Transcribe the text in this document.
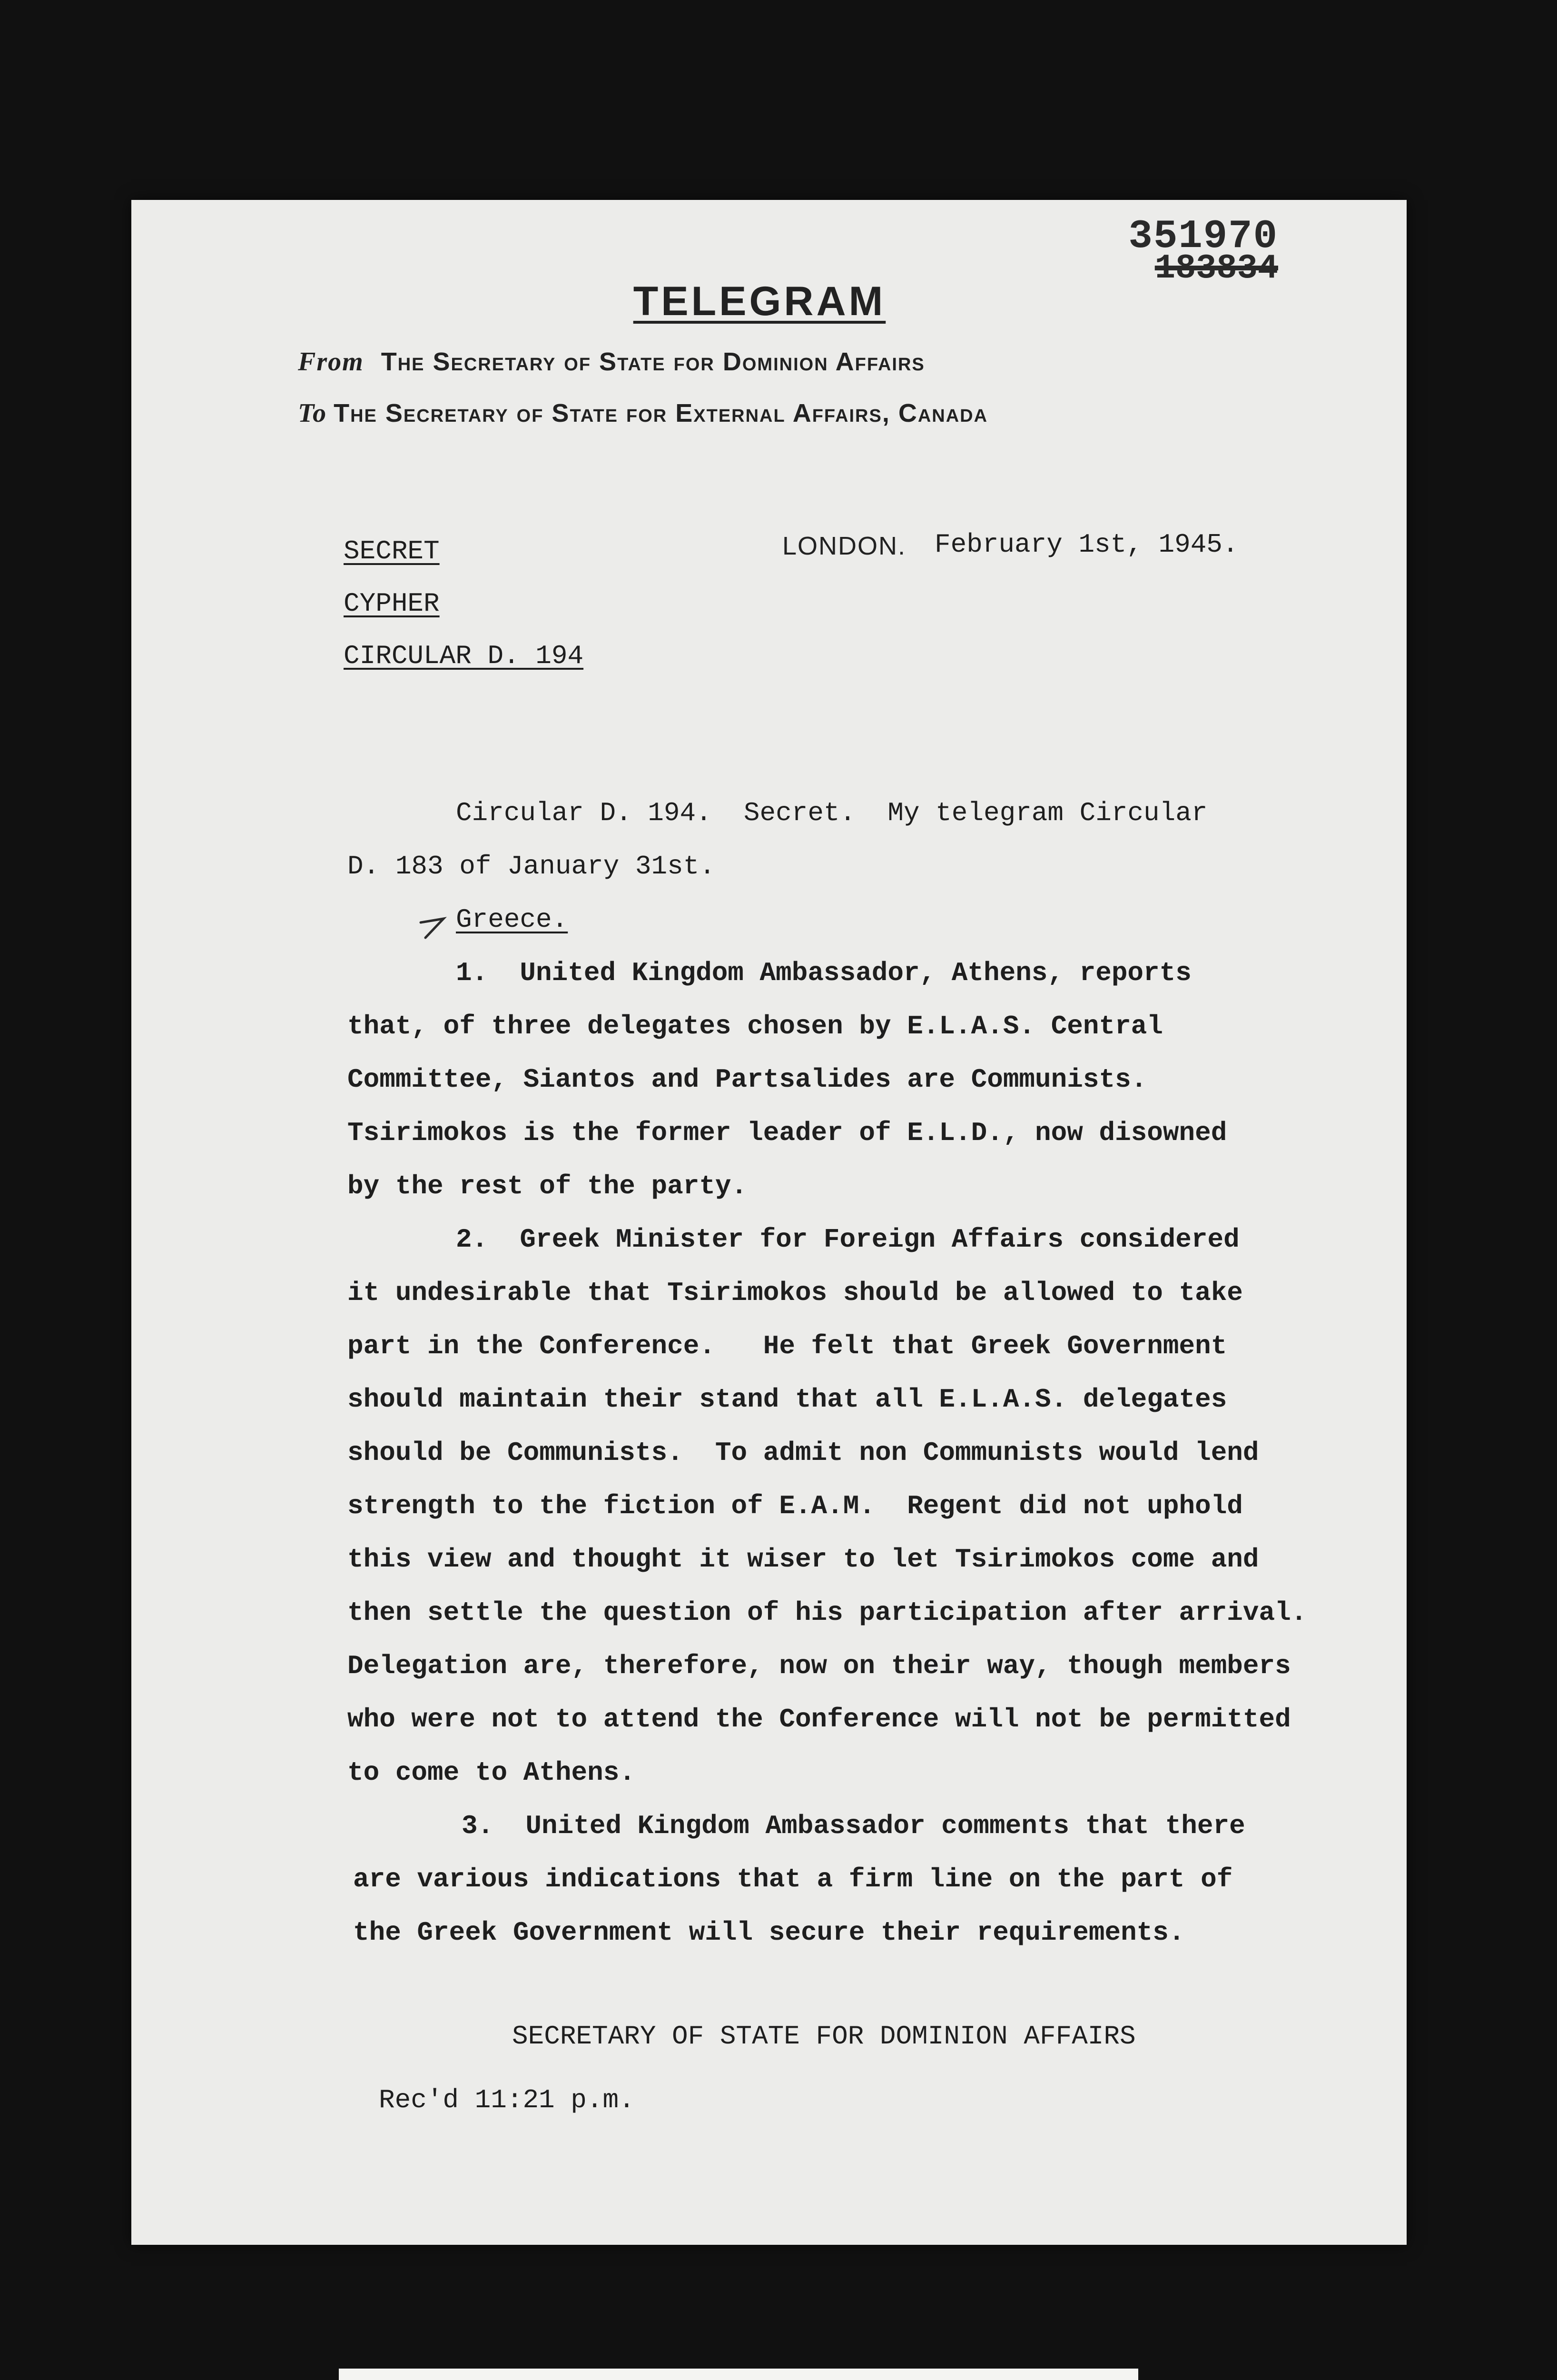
351970
183834
TELEGRAM
From The Secretary of State for Dominion Affairs
To The Secretary of State for External Affairs, Canada
SECRET
CYPHER
CIRCULAR D. 194
LONDON. February 1st, 1945.
Circular D. 194.  Secret.  My telegram Circular
D. 183 of January 31st.
Greece.
1.  United Kingdom Ambassador, Athens, reports
that, of three delegates chosen by E.L.A.S. Central
Committee, Siantos and Partsalides are Communists.
Tsirimokos is the former leader of E.L.D., now disowned
by the rest of the party.
2.  Greek Minister for Foreign Affairs considered
it undesirable that Tsirimokos should be allowed to take
part in the Conference.   He felt that Greek Government
should maintain their stand that all E.L.A.S. delegates
should be Communists.  To admit non Communists would lend
strength to the fiction of E.A.M.  Regent did not uphold
this view and thought it wiser to let Tsirimokos come and
then settle the question of his participation after arrival.
Delegation are, therefore, now on their way, though members
who were not to attend the Conference will not be permitted
to come to Athens.
3.  United Kingdom Ambassador comments that there
are various indications that a firm line on the part of
the Greek Government will secure their requirements.
SECRETARY OF STATE FOR DOMINION AFFAIRS
Rec'd 11:21 p.m.
